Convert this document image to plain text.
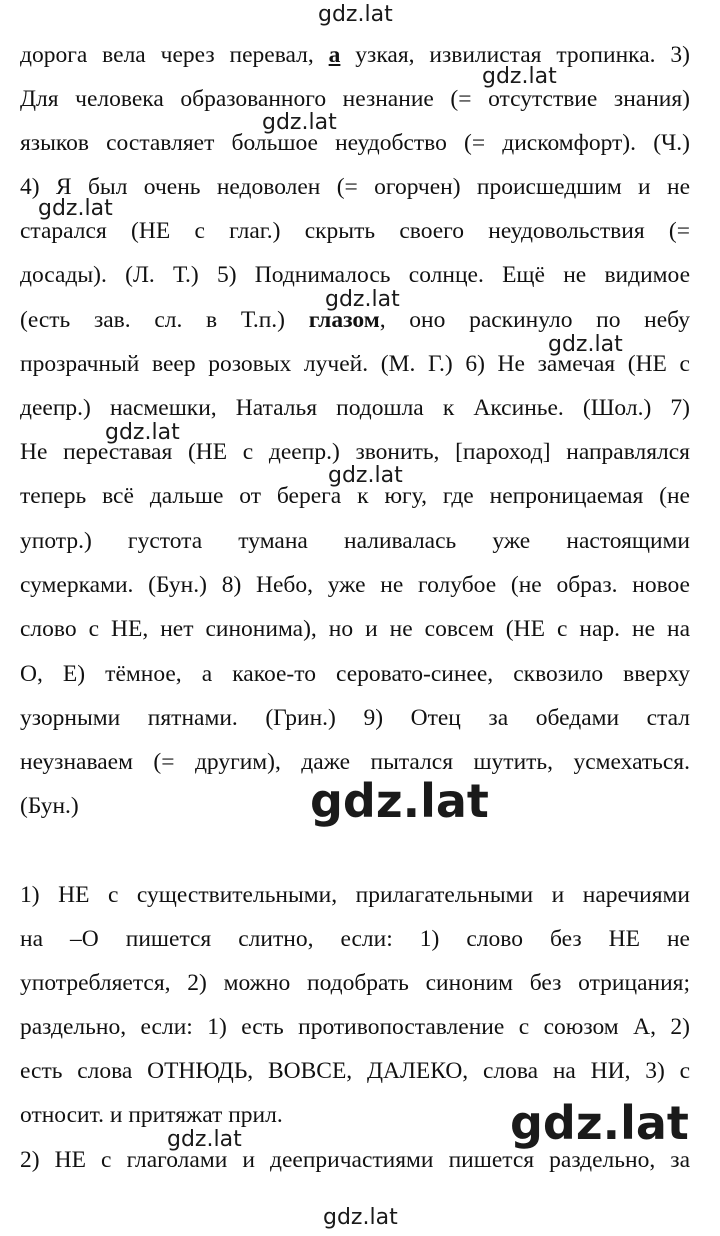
дорога вела через перевал, а узкая, извилистая тропинка. 3)
Для человека образованного незнание (= отсутствие знания)
языков составляет большое неудобство (= дискомфорт). (Ч.)
4) Я был очень недоволен (= огорчен) происшедшим и не
старался (НЕ с глаг.) скрыть своего неудовольствия (=
досады). (Л. Т.) 5) Поднималось солнце. Ещё не видимое
(есть зав. сл. в Т.п.) глазом, оно раскинуло по небу
прозрачный веер розовых лучей. (М. Г.) 6) Не замечая (НЕ с
деепр.) насмешки, Наталья подошла к Аксинье. (Шол.) 7)
Не переставая (НЕ с деепр.) звонить, [пароход] направлялся
теперь всё дальше от берега к югу, где непроницаемая (не
употр.) густота тумана наливалась уже настоящими
сумерками. (Бун.) 8) Небо, уже не голубое (не образ. новое
слово с НЕ, нет синонима), но и не совсем (НЕ с нар. не на
О, Е) тёмное, а какое-то серовато-синее, сквозило вверху
узорными пятнами. (Грин.) 9) Отец за обедами стал
неузнаваем (= другим), даже пытался шутить, усмехаться.
(Бун.)
1) НЕ с существительными, прилагательными и наречиями
на –О пишется слитно, если: 1) слово без НЕ не
употребляется, 2) можно подобрать синоним без отрицания;
раздельно, если: 1) есть противопоставление с союзом А, 2)
есть слова ОТНЮДЬ, ВОВСЕ, ДАЛЕКО, слова на НИ, 3) с
относит. и притяжат прил.
2) НЕ с глаголами и деепричастиями пишется раздельно, за
gdz.lat
gdz.lat
gdz.lat
gdz.lat
gdz.lat
gdz.lat
gdz.lat
gdz.lat
gdz.lat
gdz.lat
gdz.lat
gdz.lat
